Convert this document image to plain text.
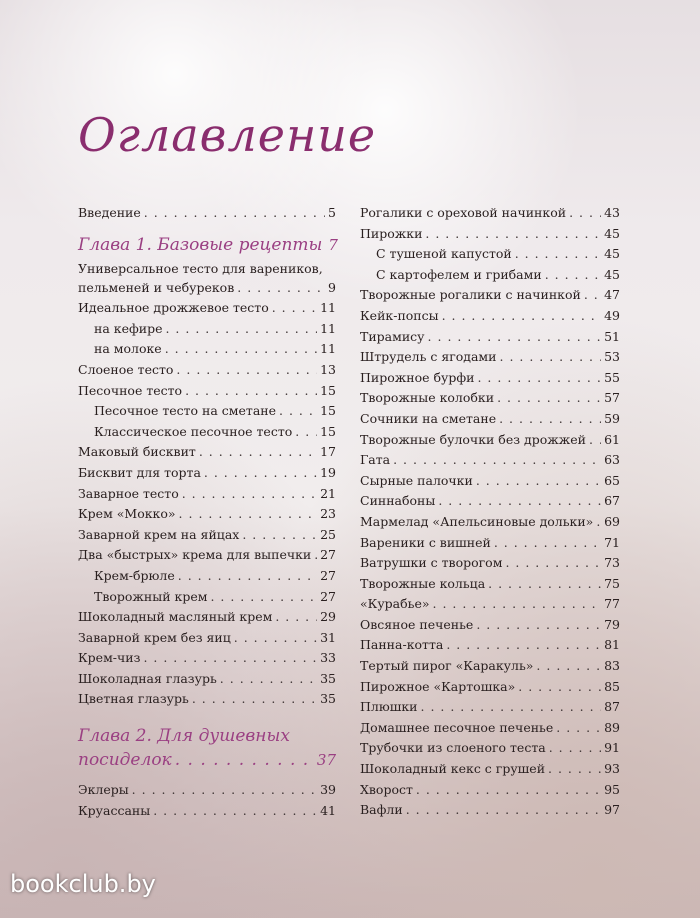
Оглавление
Введение . . .	5
Глава 1. Базовые рецепты 7
Универсальное тесто для вареников,
пельменей и чебуреков . . .	9
Идеальное дрожжевое тесто . . .	11
на кефире . . .	11
на молоке . . .	11
Слоеное тесто . . .	13
Песочное тесто . . .	15
Песочное тесто на сметане . . .	15
Классическое песочное тесто . . . 15
Маковый бисквит . . .	17
Бисквит для торта . . .	19
Заварное тесто . . .	21
Крем «Мокко» . . .	23
Заварной крем на яйцах . . .	25
Два «быстрых» крема для выпечки . . . 27
Крем-брюле . . .	27
Творожный крем . . .	27
Шоколадный масляный крем . . .	29
Заварной крем без яиц . . .	31
Крем-чиз . . .	33
Шоколадная глазурь . . .	35
Цветная глазурь . . .	35
Глава 2. Для душевных
посиделок . . .	37
Эклеры . . .	39
Круассаны . . .	41
Рогалики с ореховой начинкой . . .	43
Пирожки . . .	45
С тушеной капустой . . .	45
С картофелем и грибами . . .	45
Творожные рогалики с начинкой . . . 47
Кейк-попсы . . .	49
Тирамису . . .	51
Штрудель с ягодами . . .	53
Пирожное бурфи . . .	55
Творожные колобки . . .	57
Сочники на сметане . . .	59
Творожные булочки без дрожжей . . . 61
Гата . . .	63
Сырные палочки . . .	65
Синнабоны . . .	67
Мармелад «Апельсиновые дольки» . . . 69
Вареники с вишней . . .	71
Ватрушки с творогом . . .	73
Творожные кольца . . .	75
«Курабье» . . .	77
Овсяное печенье . . .	79
Панна-котта . . .	81
Тертый пирог «Каракуль» . . .	83
Пирожное «Картошка» . . .	85
Плюшки . . .	87
Домашнее песочное печенье . . .	89
Трубочки из слоеного теста . . .	91
Шоколадный кекс с грушей . . .	93
Хворост . . .	95
Вафли . . .	97
bookclub.by
